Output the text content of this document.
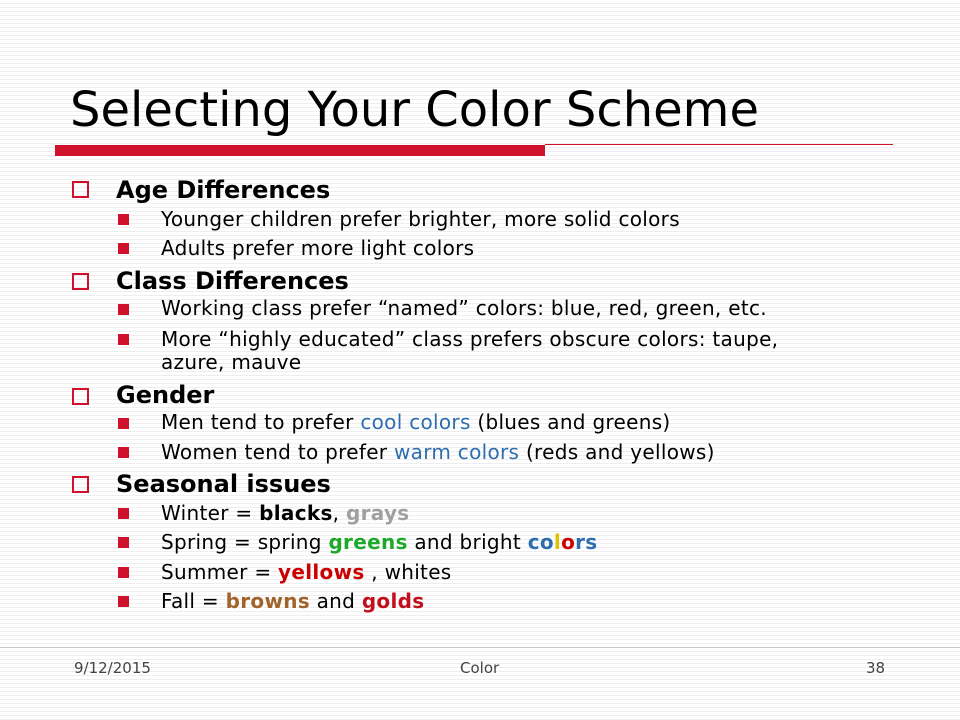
Selecting Your Color Scheme
Age Differences
Younger children prefer brighter, more solid colors
Adults prefer more light colors
Class Differences
Working class prefer “named” colors: blue, red, green, etc.
More “highly educated” class prefers obscure colors: taupe,
azure, mauve
Gender
Men tend to prefer cool colors (blues and greens)
Women tend to prefer warm colors (reds and yellows)
Seasonal issues
Winter = blacks, grays
Spring = spring greens and bright colors
Summer = yellows , whites
Fall = browns and golds
9/12/2015	Color	38
